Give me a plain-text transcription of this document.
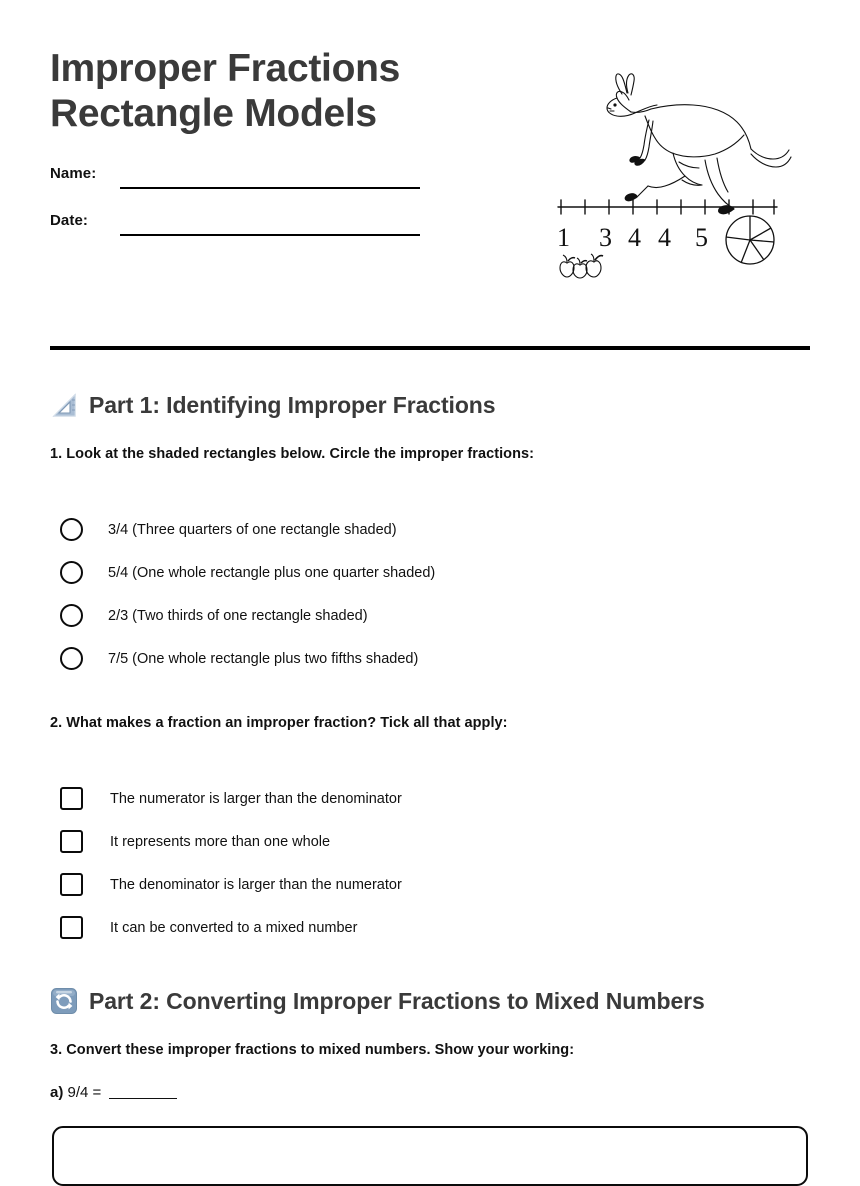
Improper Fractions
Rectangle Models
Name:
Date:
1 3 4 4 5
Part 1: Identifying Improper Fractions
1. Look at the shaded rectangles below. Circle the improper fractions:
3/4 (Three quarters of one rectangle shaded)
5/4 (One whole rectangle plus one quarter shaded)
2/3 (Two thirds of one rectangle shaded)
7/5 (One whole rectangle plus two fifths shaded)
2. What makes a fraction an improper fraction? Tick all that apply:
The numerator is larger than the denominator
It represents more than one whole
The denominator is larger than the numerator
It can be converted to a mixed number
Part 2: Converting Improper Fractions to Mixed Numbers
3. Convert these improper fractions to mixed numbers. Show your working:
a) 9/4 =
